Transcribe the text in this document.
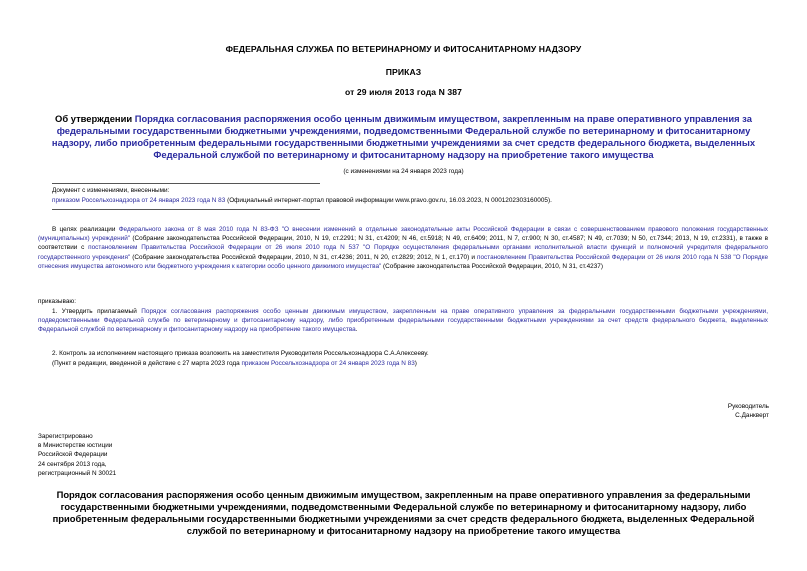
ФЕДЕРАЛЬНАЯ СЛУЖБА ПО ВЕТЕРИНАРНОМУ И ФИТОСАНИТАРНОМУ НАДЗОРУ
ПРИКАЗ
от 29 июля 2013 года N 387
Об утверждении Порядка согласования распоряжения особо ценным движимым имуществом, закрепленным на праве оперативного управления за федеральными государственными бюджетными учреждениями, подведомственными Федеральной службе по ветеринарному и фитосанитарному надзору, либо приобретенным федеральными государственными бюджетными учреждениями за счет средств федерального бюджета, выделенных Федеральной службой по ветеринарному и фитосанитарному надзору на приобретение такого имущества
(с изменениями на 24 января 2023 года)
Документ с изменениями, внесенными:
приказом Россельхознадзора от 24 января 2023 года N 83 (Официальный интернет-портал правовой информации www.pravo.gov.ru, 16.03.2023, N 0001202303160005).
В целях реализации Федерального закона от 8 мая 2010 года N 83-ФЗ "О внесении изменений в отдельные законодательные акты Российской Федерации в связи с совершенствованием правового положения государственных (муниципальных) учреждений" (Собрание законодательства Российской Федерации, 2010, N 19, ст.2291; N 31, ст.4209; N 46, ст.5918; N 49, ст.6409; 2011, N 7, ст.900; N 30, ст.4587; N 49, ст.7039; N 50, ст.7344; 2013, N 19, ст.2331), в также в соответствии с постановлением Правительства Российской Федерации от 26 июля 2010 года N 537 "О Порядке осуществления федеральными органами исполнительной власти функций и полномочий учредителя федерального государственного учреждения" (Собрание законодательства Российской Федерации, 2010, N 31, ст.4236; 2011, N 20, ст.2829; 2012, N 1, ст.170) и постановлением Правительства Российской Федерации от 26 июля 2010 года N 538 "О Порядке отнесения имущества автономного или бюджетного учреждения к категории особо ценного движимого имущества" (Собрание законодательства Российской Федерации, 2010, N 31, ст.4237)
приказываю:
1. Утвердить прилагаемый Порядок согласования распоряжения особо ценным движимым имуществом, закрепленным на праве оперативного управления за федеральными государственными бюджетными учреждениями, подведомственными Федеральной службе по ветеринарному и фитосанитарному надзору, либо приобретенным федеральными государственными бюджетными учреждениями за счет средств федерального бюджета, выделенных Федеральной службой по ветеринарному и фитосанитарному надзору на приобретение такого имущества.
2. Контроль за исполнением настоящего приказа возложить на заместителя Руководителя Россельхознадзора С.А.Алексееву.
(Пункт в редакции, введенной в действие с 27 марта 2023 года приказом Россельхознадзора от 24 января 2023 года N 83)
Руководитель
С.Данкверт
Зарегистрировано
в Министерстве юстиции
Российской Федерации
24 сентября 2013 года,
регистрационный N 30021
Порядок согласования распоряжения особо ценным движимым имуществом, закрепленным на праве оперативного управления за федеральными государственными бюджетными учреждениями, подведомственными Федеральной службе по ветеринарному и фитосанитарному надзору, либо приобретенным федеральными государственными бюджетными учреждениями за счет средств федерального бюджета, выделенных Федеральной службой по ветеринарному и фитосанитарному надзору на приобретение такого имущества
